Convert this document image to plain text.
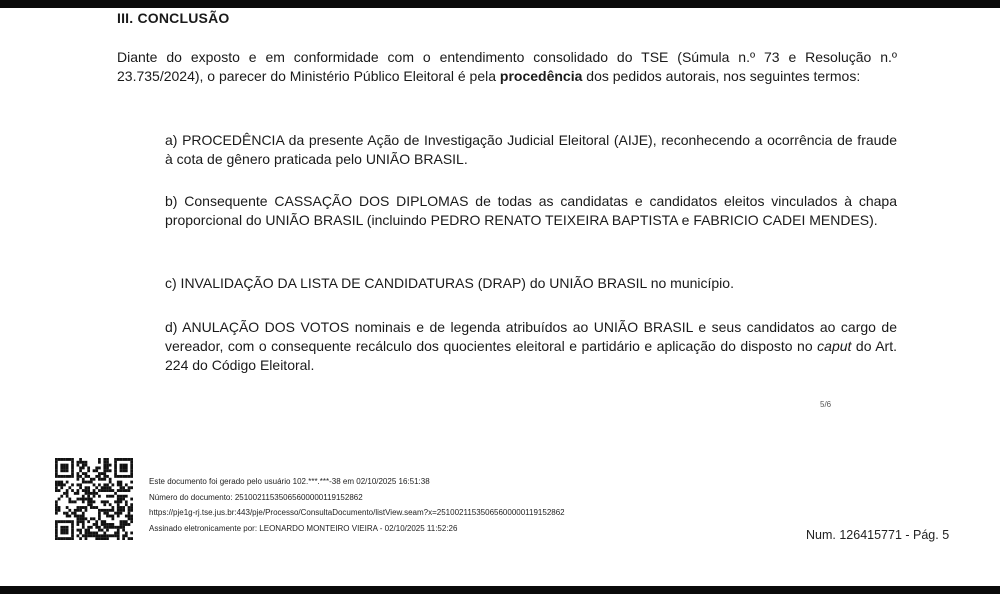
III. CONCLUSÃO
Diante do exposto e em conformidade com o entendimento consolidado do TSE (Súmula n.º 73 e Resolução n.º 23.735/2024), o parecer do Ministério Público Eleitoral é pela procedência dos pedidos autorais, nos seguintes termos:
a) PROCEDÊNCIA da presente Ação de Investigação Judicial Eleitoral (AIJE), reconhecendo a ocorrência de fraude à cota de gênero praticada pelo UNIÃO BRASIL.
b) Consequente CASSAÇÃO DOS DIPLOMAS de todas as candidatas e candidatos eleitos vinculados à chapa proporcional do UNIÃO BRASIL (incluindo PEDRO RENATO TEIXEIRA BAPTISTA e FABRICIO CADEI MENDES).
c) INVALIDAÇÃO DA LISTA DE CANDIDATURAS (DRAP) do UNIÃO BRASIL no município.
d) ANULAÇÃO DOS VOTOS nominais e de legenda atribuídos ao UNIÃO BRASIL e seus candidatos ao cargo de vereador, com o consequente recálculo dos quocientes eleitoral e partidário e aplicação do disposto no caput do Art. 224 do Código Eleitoral.
5/6
Este documento foi gerado pelo usuário 102.***.***-38 em 02/10/2025 16:51:38
Número do documento: 25100211535065600000119152862
https://pje1g-rj.tse.jus.br:443/pje/Processo/ConsultaDocumento/listView.seam?x=25100211535065600000119152862
Assinado eletronicamente por: LEONARDO MONTEIRO VIEIRA - 02/10/2025 11:52:26	Num. 126415771 - Pág. 5
